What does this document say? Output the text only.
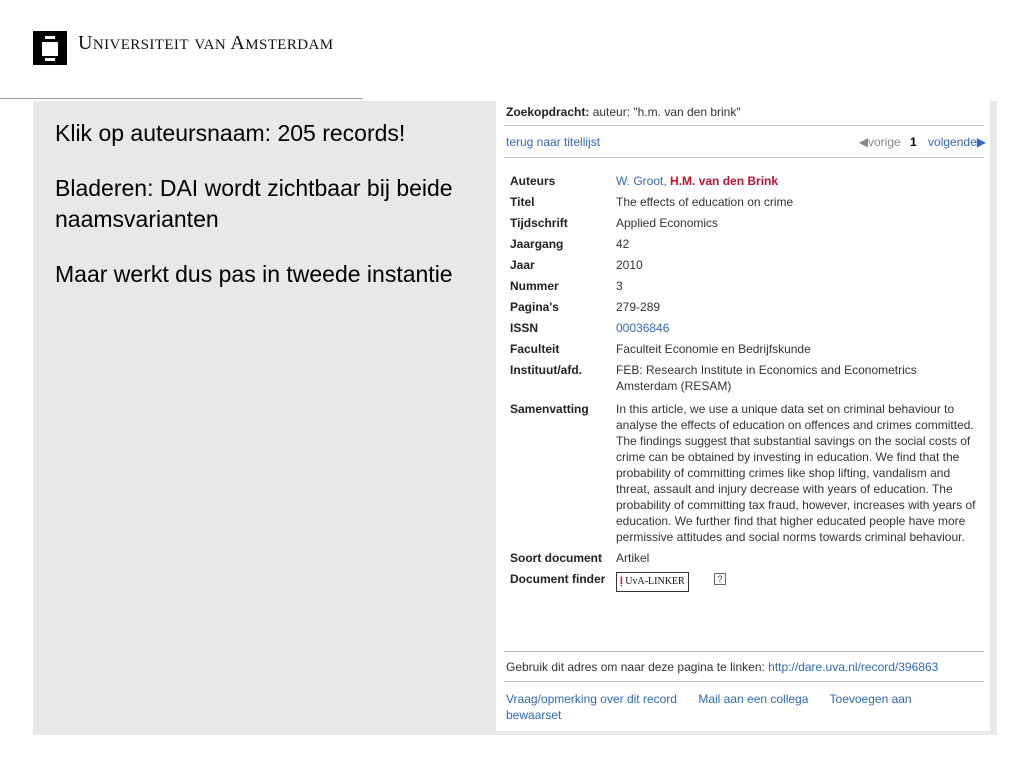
UNIVERSITEIT VAN AMSTERDAM

Klik op auteursnaam: 205 records!

Bladeren: DAI wordt zichtbaar bij beide naamsvarianten

Maar werkt dus pas in tweede instantie

Zoekopdracht: auteur: "h.m. van den brink"
terug naar titellijst	◀vorige 1 volgende▶
Auteurs	W. Groot, H.M. van den Brink
Titel	The effects of education on crime
Tijdschrift	Applied Economics
Jaargang	42
Jaar	2010
Nummer	3
Pagina's	279-289
ISSN	00036846
Faculteit	Faculteit Economie en Bedrijfskunde
Instituut/afd.	FEB: Research Institute in Economics and Econometrics Amsterdam (RESAM)
Samenvatting	In this article, we use a unique data set on criminal behaviour to analyse the effects of education on offences and crimes committed. The findings suggest that substantial savings on the social costs of crime can be obtained by investing in education. We find that the probability of committing crimes like shop lifting, vandalism and threat, assault and injury decrease with years of education. The probability of committing tax fraud, however, increases with years of education. We further find that higher educated people have more permissive attitudes and social norms towards criminal behaviour.
Soort document	Artikel
Document finder	ḷ UvA-LINKER	?
Gebruik dit adres om naar deze pagina te linken: http://dare.uva.nl/record/396863
Vraag/opmerking over dit record Mail aan een collega Toevoegen aan bewaarset
